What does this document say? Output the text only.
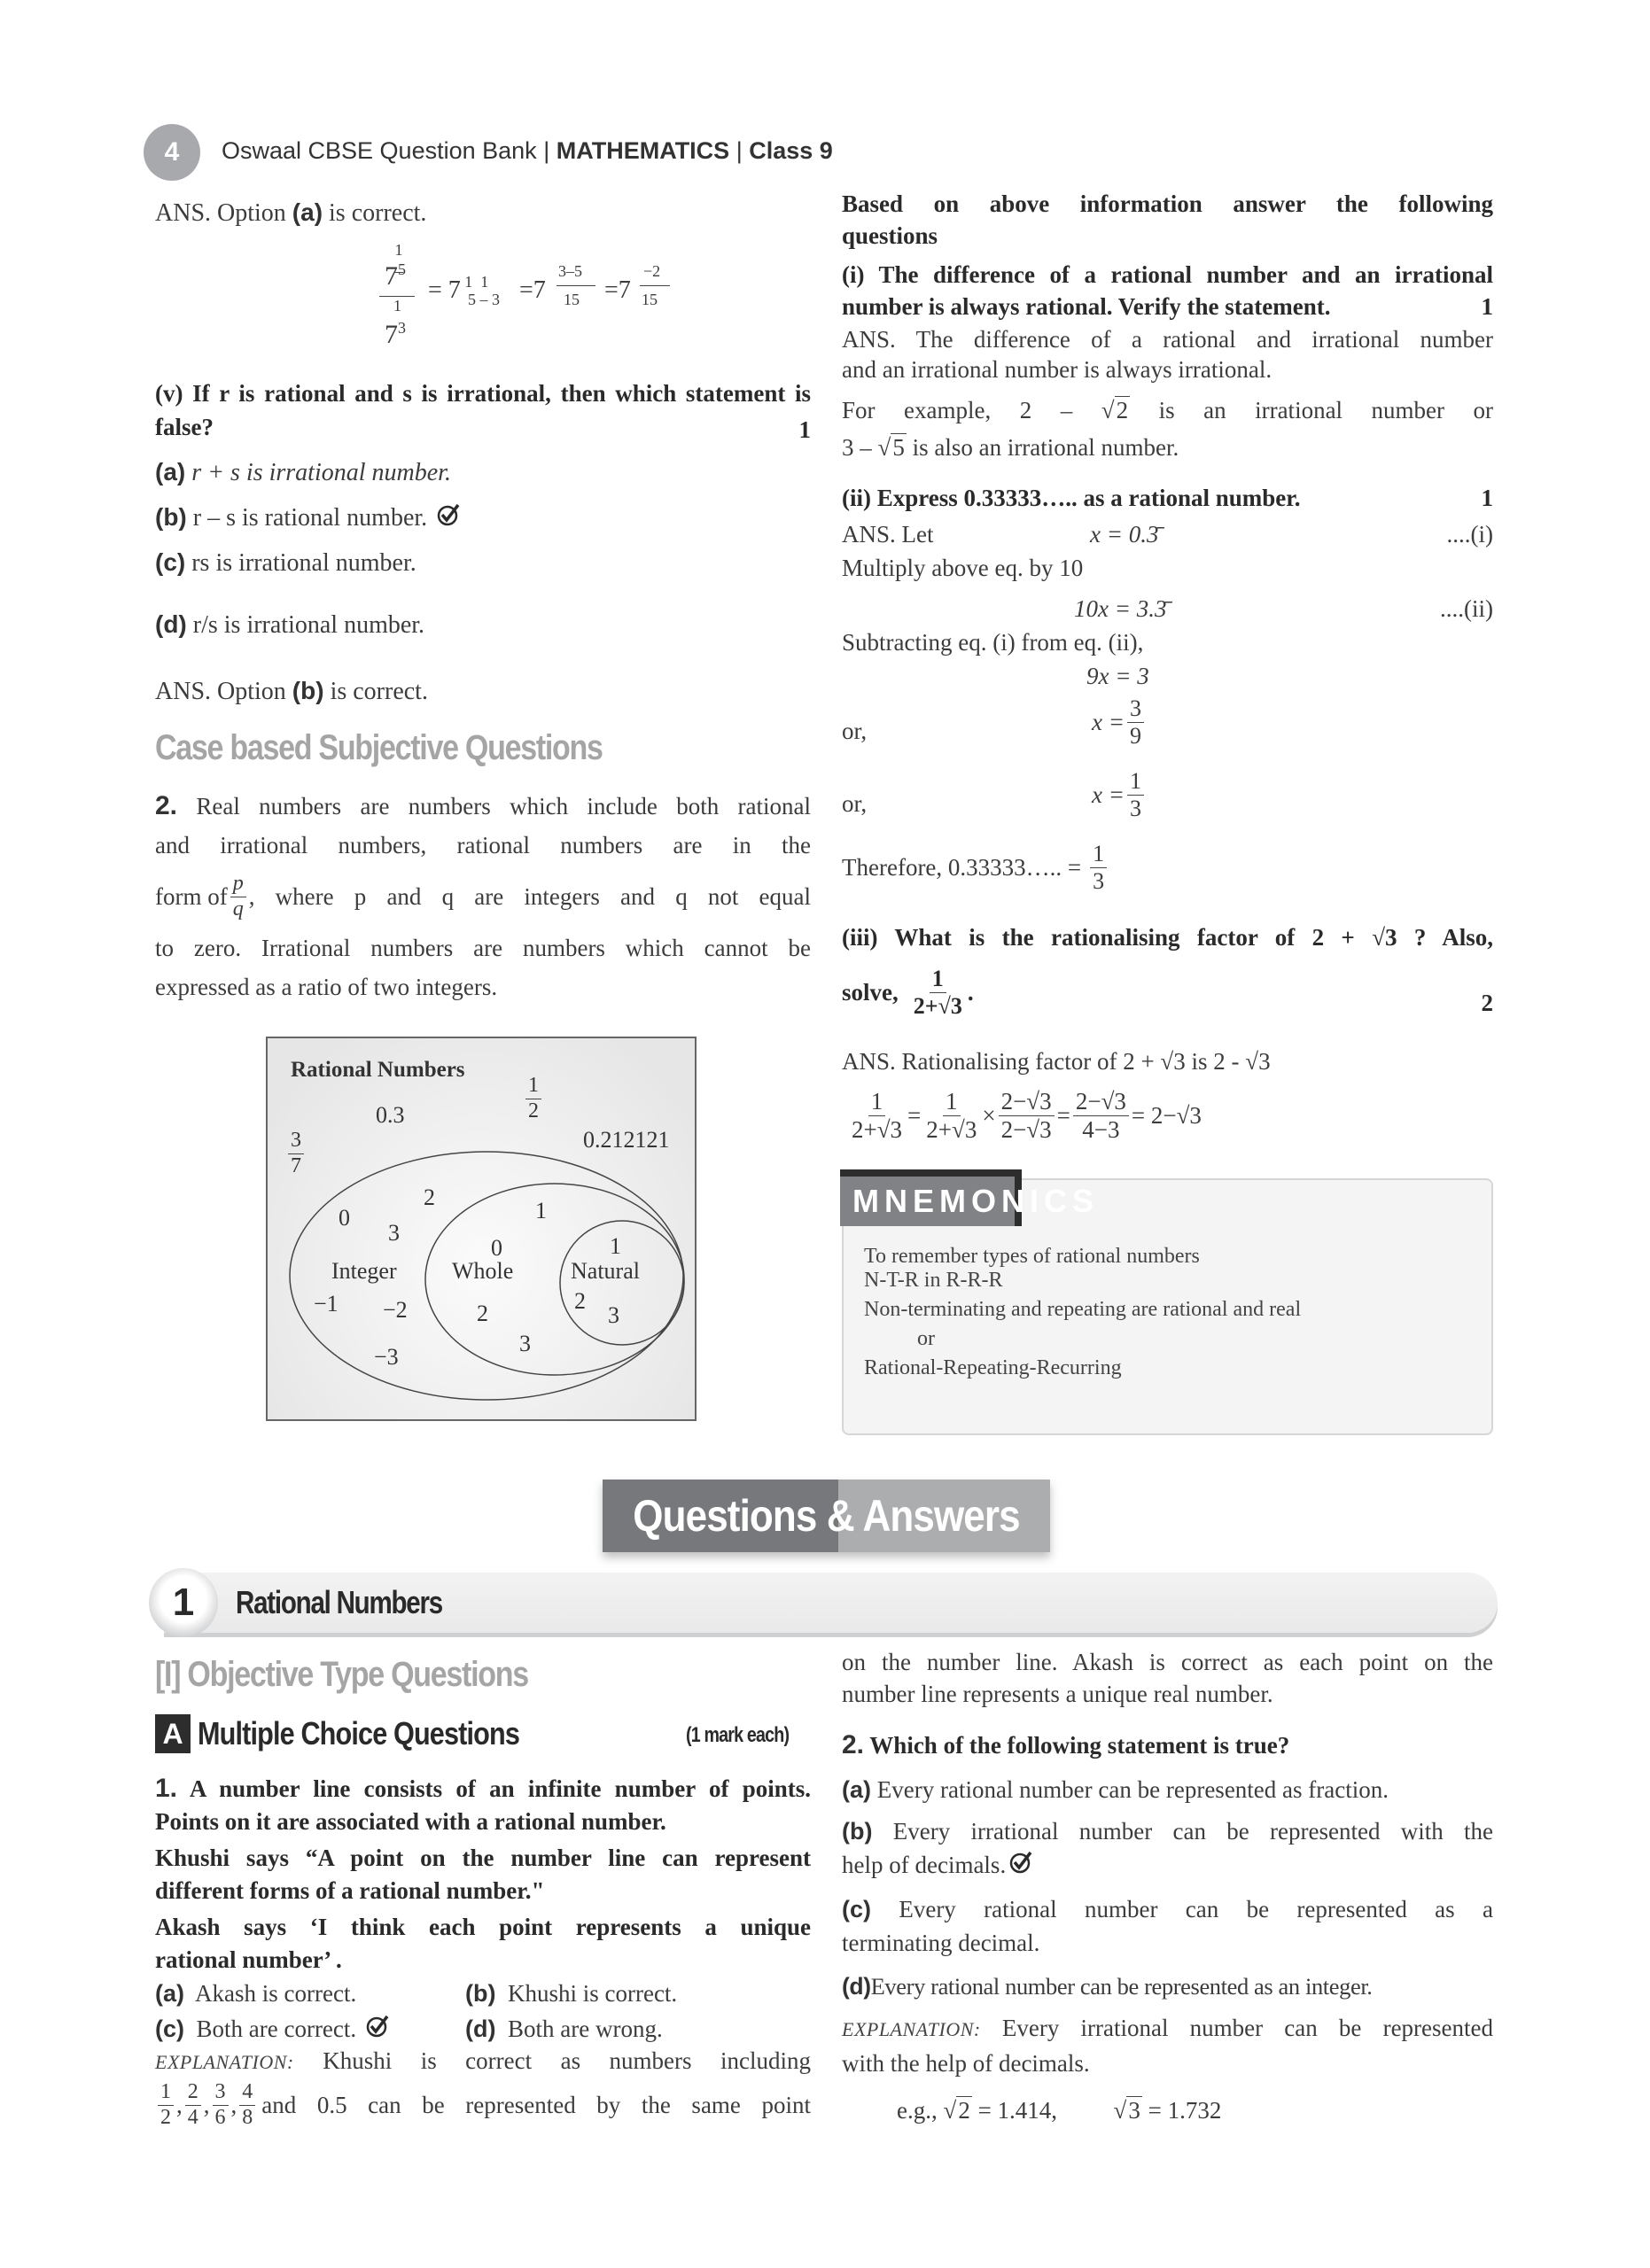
4	Oswaal CBSE Question Bank | MATHEMATICS | Class 9
ANS. Option (a) is correct.
1

$7^5$
1
$7^3$
= 7 $^{1 1}$
5 – 3 =7
3–5
15 =7
−2
15
(v) If r is rational and s is irrational, then which statement is false?	1
(a) r + s is irrational number.
(b) r – s is rational number.
(c) rs is irrational number.
(d) r/s is irrational number.
ANS. Option (b) is correct.
Case based Subjective Questions
2. Real numbers are numbers which include both rational
and irrational numbers, rational numbers are in the
form of $\frac{p}{q}$ , where p and q are integers and q not equal
to zero. Irrational numbers are numbers which cannot be
expressed as a ratio of two integers.
Rational Numbers
0.3	$\frac{1}{2}$
$\frac{3}{7}$	0.212121
0
2
3
Integer
−1 −2
−3
0
1
Whole
2
3
1
Natural
2
3
Based on above information answer the following
questions
(i) The difference of a rational number and an irrational
number is always rational. Verify the statement.	1
ANS. The difference of a rational and irrational number
and an irrational number is always irrational.
For example, 2 – √2 is an irrational number or
3 – √5 is also an irrational number.
(ii) Express 0.33333….. as a rational number.	1
ANS. Let	x = 0.3̄	....(i)
Multiply above eq. by 10
10x = 3.3̄	....(ii)
Subtracting eq. (i) from eq. (ii),
9x = 3
or,	$x = \frac{3}{9}$
or,	$x = \frac{1}{3}$
Therefore, 0.33333….. = $\frac{1}{3}$
(iii) What is the rationalising factor of 2 + √3 ? Also,
solve, $\frac{1}{2+√3}$ .	2
ANS. Rationalising factor of 2 + √3 is 2 - √3
$\frac{1}{2+√3} = \frac{1}{2+√3} \times \frac{2-√3}{2-√3} = \frac{2-√3}{4-3} = 2-√3$
MNEMONICS
To remember types of rational numbers
N-T-R in R-R-R
Non-terminating and repeating are rational and real
or
Rational-Repeating-Recurring
Questions
& Answers
1	Rational Numbers
[I] Objective Type Questions
A Multiple Choice Questions	(1 mark each)
1. A number line consists of an infinite number of points.
Points on it are associated with a rational number.
Khushi says “A point on the number line can represent
different forms of a rational number."
Akash says ‘I think each point represents a unique
rational number’ .
(a) Akash is correct.	(b) Khushi is correct.
(c) Both are correct.	(d) Both are wrong.
EXPLANATION: Khushi is correct as numbers including
$\frac{1}{2}$ , $\frac{2}{4}$ , $\frac{3}{6}$ , $\frac{4}{8}$ and 0.5 can be represented by the same point
on the number line. Akash is correct as each point on the
number line represents a unique real number.
2. Which of the following statement is true?
(a) Every rational number can be represented as fraction.
(b) Every irrational number can be represented with the
help of decimals.
(c) Every rational number can be represented as a
terminating decimal.
(d)Every rational number can be represented as an integer.
EXPLANATION: Every irrational number can be represented
with the help of decimals.
e.g., √2 = 1.414, √3 = 1.732
